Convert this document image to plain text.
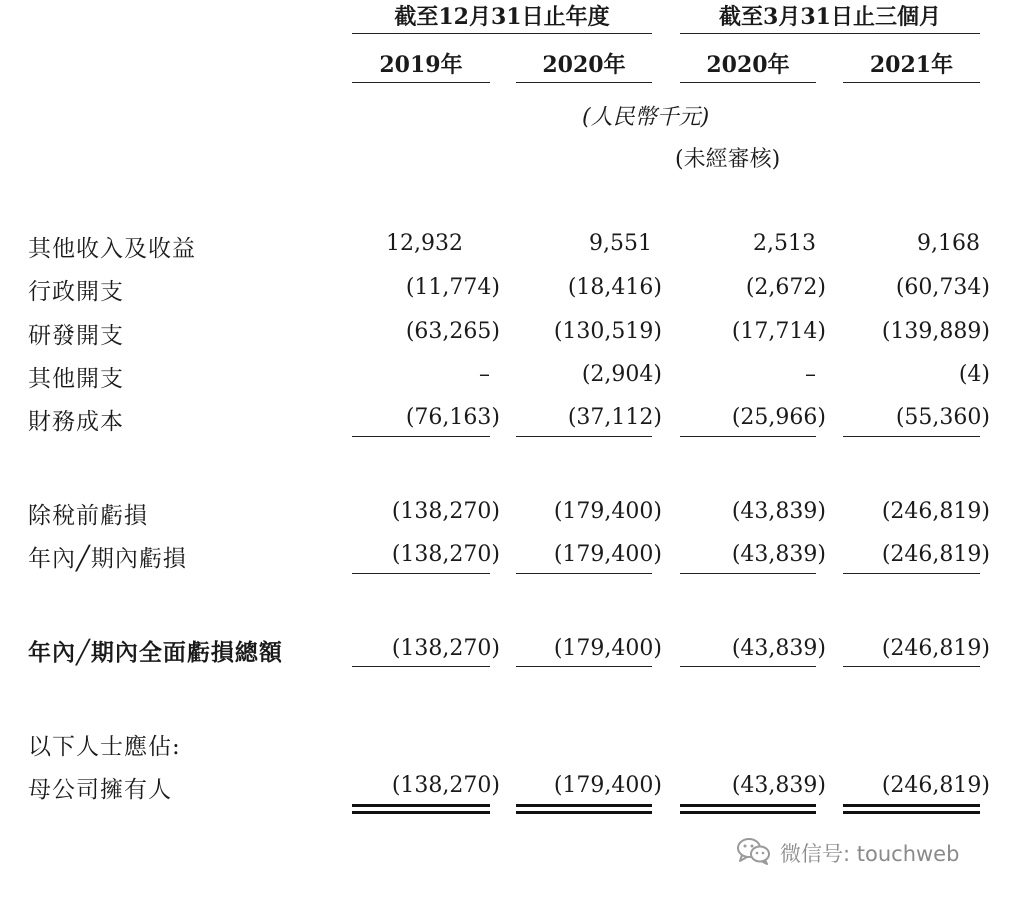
截至12月31日止年度	截至3月31日止三個月
2019年	2020年	2020年	2021年
(人民幣千元)
(未經審核)
其他收入及收益	12,932	9,551	2,513	9,168
行政開支	(11,774)	(18,416)	(2,672)	(60,734)
研發開支	(63,265)	(130,519)	(17,714)	(139,889)
其他開支	–	(2,904)	–	(4)
財務成本	(76,163)	(37,112)	(25,966)	(55,360)
除稅前虧損	(138,270)	(179,400)	(43,839)	(246,819)
年內╱期內虧損	(138,270)	(179,400)	(43,839)	(246,819)
年內╱期內全面虧損總額	(138,270)	(179,400)	(43,839)	(246,819)
以下人士應佔:
母公司擁有人	(138,270)	(179,400)	(43,839)	(246,819)
微信号: touchweb
